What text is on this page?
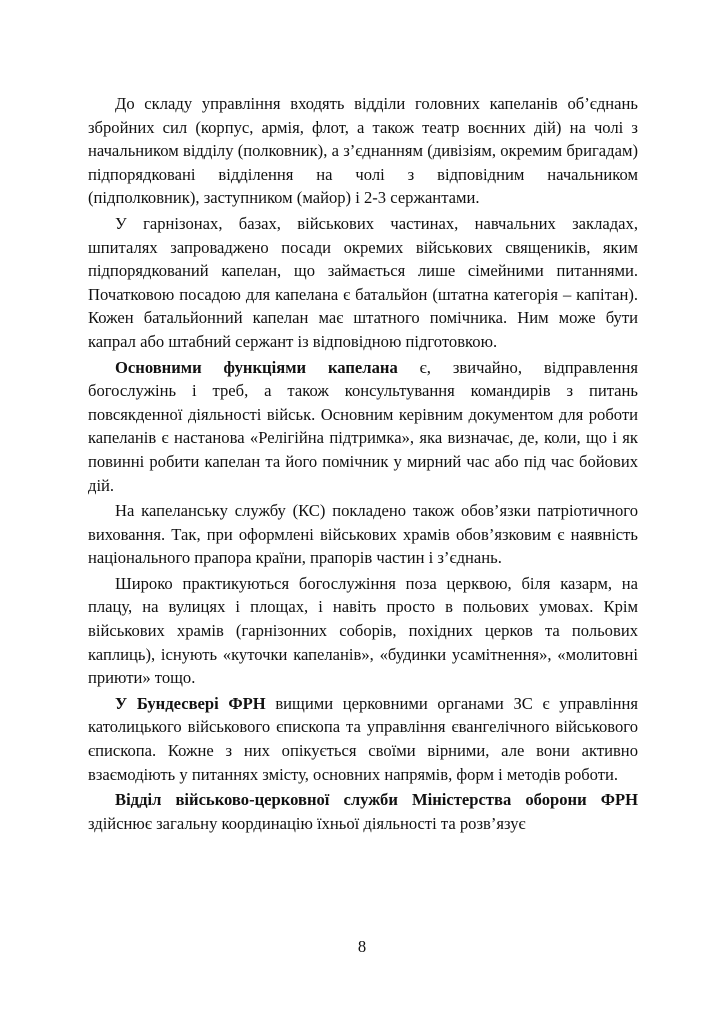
До складу управління входять відділи головних капеланів об’єднань збройних сил (корпус, армія, флот, а також театр воєнних дій) на чолі з начальником відділу (полковник), а з’єднанням (дивізіям, окремим бригадам) підпорядковані відділення на чолі з відповідним начальником (підполковник), заступником (майор) і 2-3 сержантами.

У гарнізонах, базах, військових частинах, навчальних закладах, шпиталях запроваджено посади окремих військових священиків, яким підпорядкований капелан, що займається лише сімейними питаннями. Початковою посадою для капелана є батальйон (штатна категорія – капітан). Кожен батальйонний капелан має штатного помічника. Ним може бути капрал або штабний сержант із відповідною підготовкою.

Основними функціями капелана є, звичайно, відправлення богослужінь і треб, а також консультування командирів з питань повсякденної діяльності військ. Основним керівним документом для роботи капеланів є настанова «Релігійна підтримка», яка визначає, де, коли, що і як повинні робити капелан та його помічник у мирний час або під час бойових дій.

На капеланську службу (КС) покладено також обов’язки патріотичного виховання. Так, при оформлені військових храмів обов’язковим є наявність національного прапора країни, прапорів частин і з’єднань.

Широко практикуються богослужіння поза церквою, біля казарм, на плацу, на вулицях і площах, і навіть просто в польових умовах. Крім військових храмів (гарнізонних соборів, похідних церков та польових каплиць), існують «куточки капеланів», «будинки усамітнення», «молитовні приюти» тощо.

У Бундесвері ФРН вищими церковними органами ЗС є управління католицького військового єпископа та управління євангелічного військового єпископа. Кожне з них опікується своїми вірними, але вони активно взаємодіють у питаннях змісту, основних напрямів, форм і методів роботи.

Відділ військово-церковної служби Міністерства оборони ФРН здійснює загальну координацію їхньої діяльності та розв’язує

8
